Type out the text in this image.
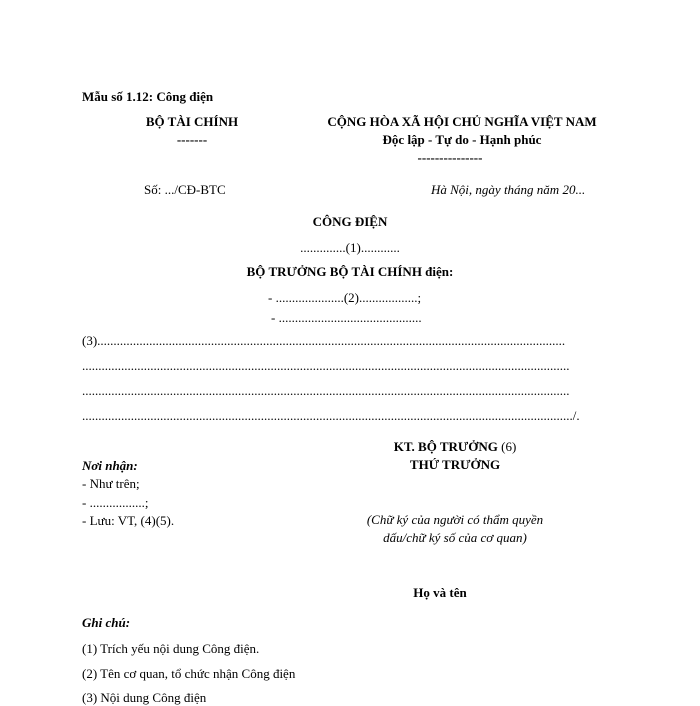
Mẫu số 1.12: Công điện
BỘ TÀI CHÍNH
-------
CỘNG HÒA XÃ HỘI CHỦ NGHĨA VIỆT NAM
Độc lập - Tự do - Hạnh phúc
---------------
Số: .../CĐ-BTC	Hà Nội, ngày tháng năm 20...
CÔNG ĐIỆN
..............(1)............
BỘ TRƯỞNG BỘ TÀI CHÍNH điện:
- .....................(2)..................;
- ............................................
(3)................................................................................................................................................
......................................................................................................................................................
......................................................................................................................................................
......................................................................................................................................................./.
KT. BỘ TRƯỞNG (6)
THỨ TRƯỞNG
Nơi nhận:
- Như trên;
- .................;
- Lưu: VT, (4)(5).	(Chữ ký của người có thẩm quyền
dấu/chữ ký số của cơ quan)
Họ và tên
Ghi chú:
(1) Trích yếu nội dung Công điện.
(2) Tên cơ quan, tổ chức nhận Công điện
(3) Nội dung Công điện
